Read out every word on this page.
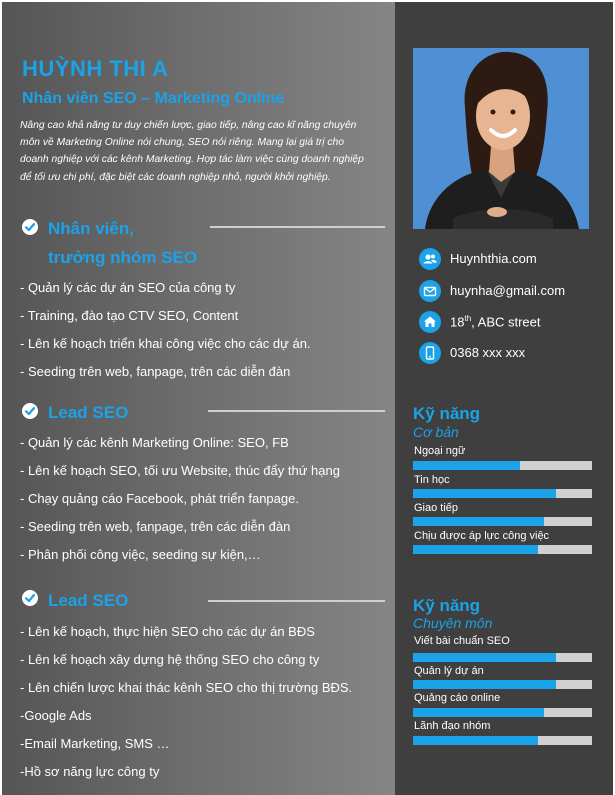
HUỲNH THI A
Nhân viên SEO – Marketing Online
Nâng cao khả năng tư duy chiến lược, giao tiếp, nâng cao kĩ năng chuyên môn về Marketing Online nói chung, SEO nói riêng. Mang lại giá trị cho doanh nghiệp với các kênh Marketing. Hợp tác làm việc cùng doanh nghiệp để tối ưu chi phí, đặc biệt các doanh nghiệp nhỏ, người khởi nghiệp.
Nhân viên,
trưởng nhóm SEO
- Quản lý các dự án SEO của công ty
- Training, đào tạo CTV SEO, Content
- Lên kế hoạch triển khai công việc cho các dự án.
- Seeding trên web, fanpage, trên các diễn đàn
Lead SEO
- Quản lý các kênh Marketing Online: SEO, FB
- Lên kế hoạch SEO, tối ưu Website, thúc đẩy thứ hạng
- Chạy quảng cáo Facebook, phát triển fanpage.
- Seeding trên web, fanpage, trên các diễn đàn
- Phân phối công việc, seeding sự kiện,…
Lead SEO
- Lên kế hoạch, thực hiện SEO cho các dự án BĐS
- Lên kế hoạch xây dựng hệ thống SEO cho công ty
- Lên chiến lược khai thác kênh SEO cho thị trường BĐS.
-Google Ads
-Email Marketing, SMS …
-Hồ sơ năng lực công ty
Huynhthia.com
huynha@gmail.com
18th, ABC street
0368 xxx xxx
Kỹ năng
Cơ bản
Ngoại ngữ
Tin học
Giao tiếp
Chịu được áp lực công việc
Kỹ năng
Chuyên môn
Viết bài chuẩn SEO
Quản lý dự án
Quảng cáo online
Lãnh đạo nhóm
